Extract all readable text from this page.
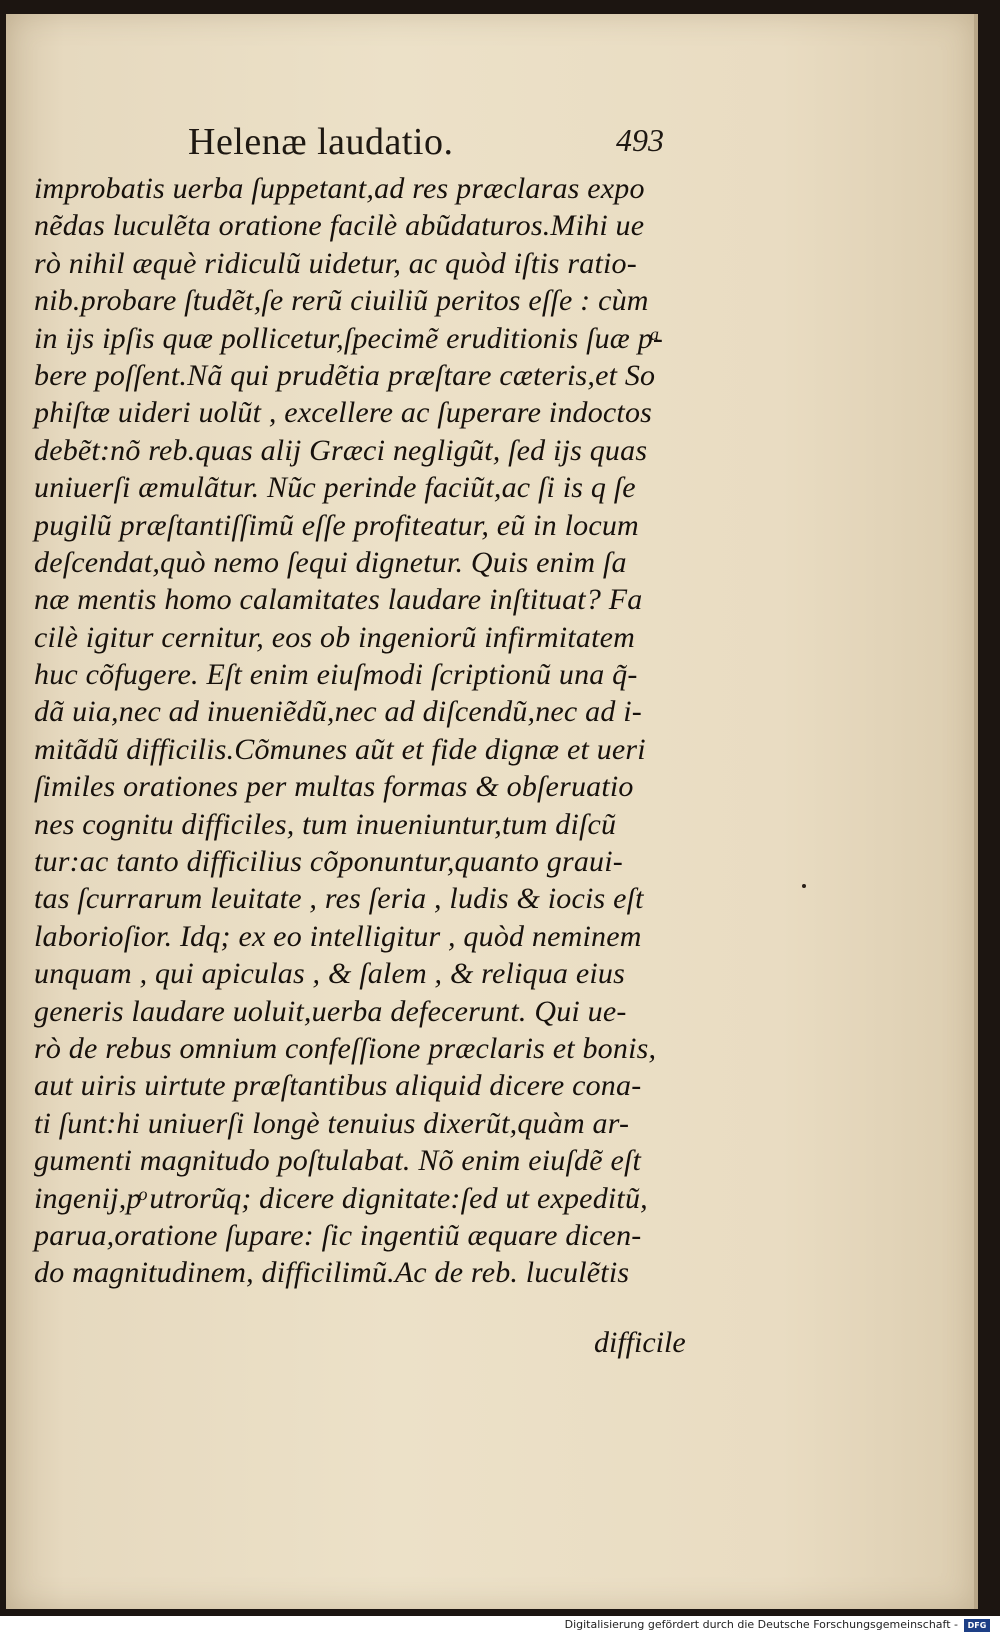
Helenæ laudatio.	493
improbatis uerba ſuppetant,ad res præclaras expo
nẽdas luculẽta oratione facilè abũdaturos.Mihi ue
rò nihil æquè ridiculũ uidetur, ac quòd iſtis ratio-
nib.probare ſtudẽt,ſe rerũ ciuiliũ peritos eſſe : cùm
in ijs ipſis quæ pollicetur,ſpecimẽ eruditionis ſuæ pͣ-
bere poſſent.Nã qui prudẽtia præſtare cæteris,et So
phiſtæ uideri uolũt , excellere ac ſuperare indoctos
debẽt:nõ reb.quas alij Græci negligũt, ſed ijs quas
uniuerſi æmulãtur. Nũc perinde faciũt,ac ſi is q ſe
pugilũ præſtantiſſimũ eſſe profiteatur, eũ in locum
deſcendat,quò nemo ſequi dignetur. Quis enim ſa
næ mentis homo calamitates laudare inſtituat? Fa
cilè igitur cernitur, eos ob ingeniorũ infirmitatem
huc cõfugere. Eſt enim eiuſmodi ſcriptionũ una q̃-
dã uia,nec ad inueniẽdũ,nec ad diſcendũ,nec ad i-
mitãdũ difficilis.Cõmunes aũt et fide dignæ et ueri
ſimiles orationes per multas formas & obſeruatio
nes cognitu difficiles, tum inueniuntur,tum diſcũ
tur:ac tanto difficilius cõponuntur,quanto graui-
tas ſcurrarum leuitate , res ſeria , ludis & iocis eſt
laborioſior. Idq; ex eo intelligitur , quòd neminem
unquam , qui apiculas , & ſalem , & reliqua eius
generis laudare uoluit,uerba defecerunt. Qui ue-
rò de rebus omnium confeſſione præclaris et bonis,
aut uiris uirtute præſtantibus aliquid dicere cona-
ti ſunt:hi uniuerſi longè tenuius dixerũt,quàm ar-
gumenti magnitudo poſtulabat. Nõ enim eiuſdẽ eſt
ingenij,pͦ utrorũq; dicere dignitate:ſed ut expeditũ,
parua,oratione ſupare: ſic ingentiũ æquare dicen-
do magnitudinem, difficilimũ.Ac de reb. luculẽtis
difficile
Digitalisierung gefördert durch die Deutsche Forschungsgemeinschaft -	DFG
